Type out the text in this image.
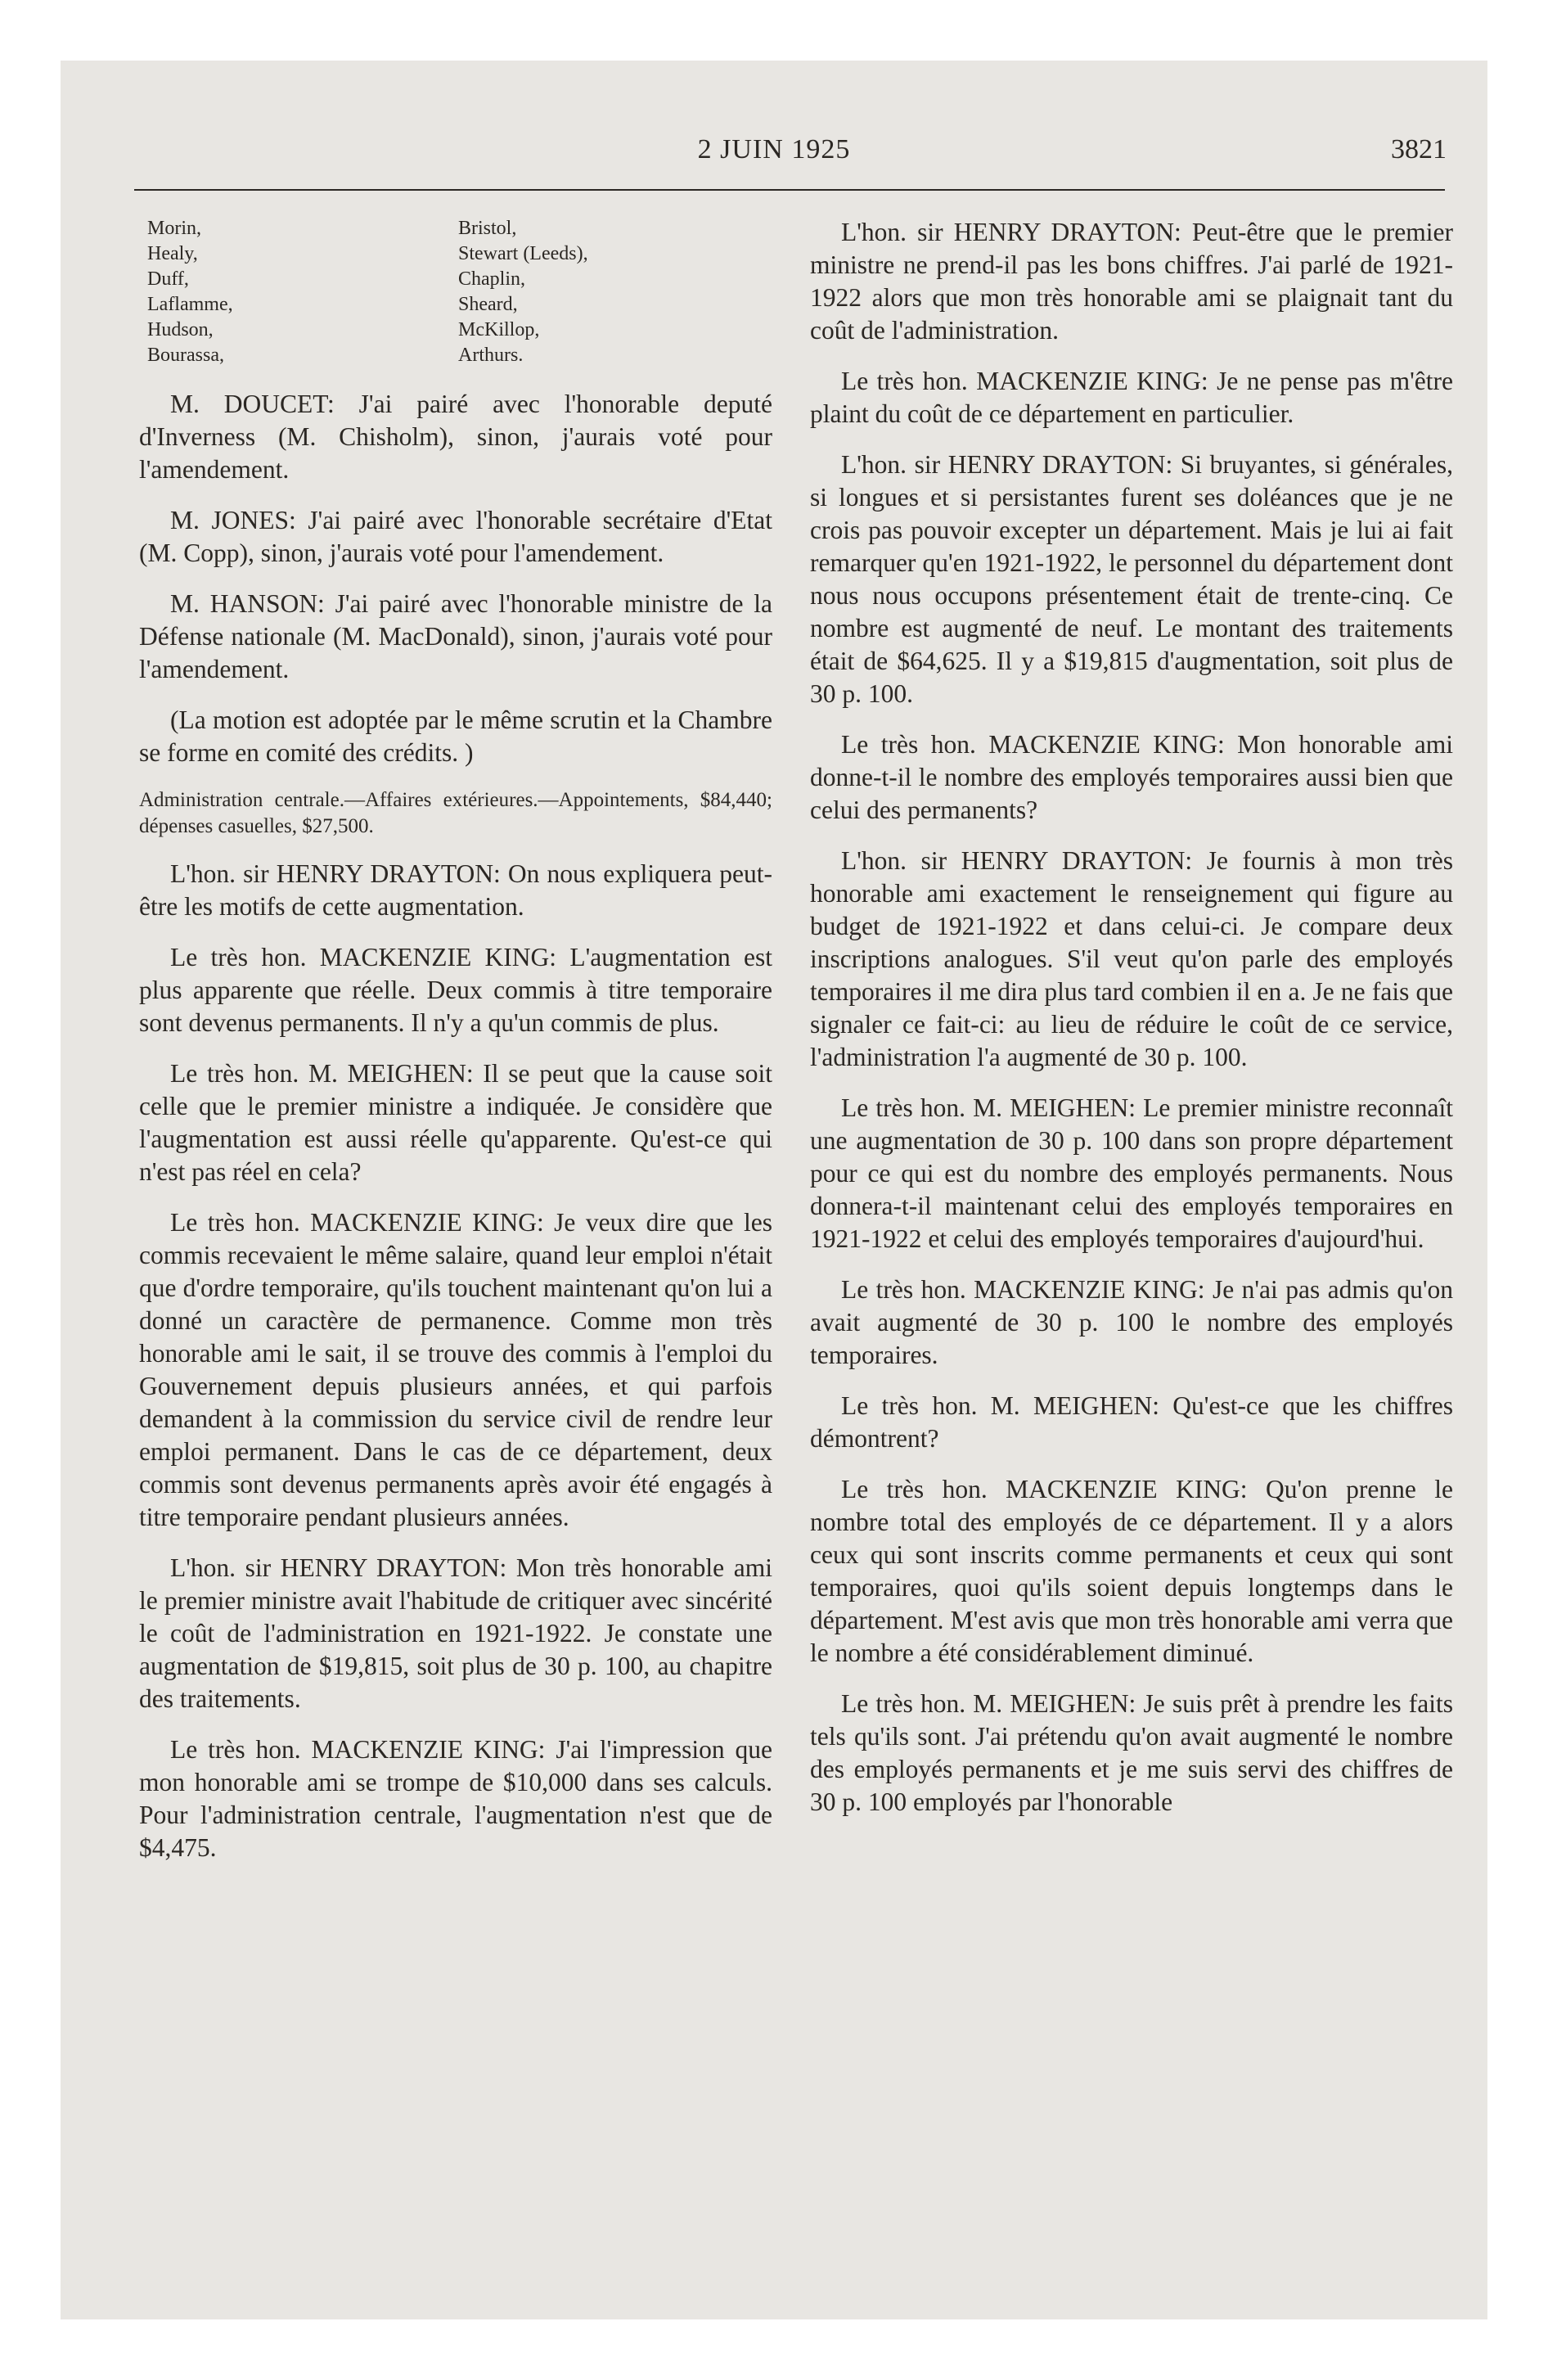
2 JUIN 1925	3821
Morin,
Healy,
Duff,
Laflamme,
Hudson,
Bourassa,
Bristol,
Stewart (Leeds),
Chaplin,
Sheard,
McKillop,
Arthurs.

M. DOUCET: J'ai pairé avec l'honorable deputé d'Inverness (M. Chisholm), sinon, j'aurais voté pour l'amendement.

M. JONES: J'ai pairé avec l'honorable secrétaire d'Etat (M. Copp), sinon, j'aurais voté pour l'amendement.

M. HANSON: J'ai pairé avec l'honorable ministre de la Défense nationale (M. MacDonald), sinon, j'aurais voté pour l'amendement.

(La motion est adoptée par le même scrutin et la Chambre se forme en comité des crédits. )

Administration centrale.—Affaires extérieures.—Appointements, $84,440; dépenses casuelles, $27,500.

L'hon. sir HENRY DRAYTON: On nous expliquera peut-être les motifs de cette augmentation.

Le très hon. MACKENZIE KING: L'augmentation est plus apparente que réelle. Deux commis à titre temporaire sont devenus permanents. Il n'y a qu'un commis de plus.

Le très hon. M. MEIGHEN: Il se peut que la cause soit celle que le premier ministre a indiquée. Je considère que l'augmentation est aussi réelle qu'apparente. Qu'est-ce qui n'est pas réel en cela?

Le très hon. MACKENZIE KING: Je veux dire que les commis recevaient le même salaire, quand leur emploi n'était que d'ordre temporaire, qu'ils touchent maintenant qu'on lui a donné un caractère de permanence. Comme mon très honorable ami le sait, il se trouve des commis à l'emploi du Gouvernement depuis plusieurs années, et qui parfois demandent à la commission du service civil de rendre leur emploi permanent. Dans le cas de ce département, deux commis sont devenus permanents après avoir été engagés à titre temporaire pendant plusieurs années.

L'hon. sir HENRY DRAYTON: Mon très honorable ami le premier ministre avait l'habitude de critiquer avec sincérité le coût de l'administration en 1921-1922. Je constate une augmentation de $19,815, soit plus de 30 p. 100, au chapitre des traitements.

Le très hon. MACKENZIE KING: J'ai l'impression que mon honorable ami se trompe de $10,000 dans ses calculs. Pour l'administration centrale, l'augmentation n'est que de $4,475.

L'hon. sir HENRY DRAYTON: Peut-être que le premier ministre ne prend-il pas les bons chiffres. J'ai parlé de 1921-1922 alors que mon très honorable ami se plaignait tant du coût de l'administration.

Le très hon. MACKENZIE KING: Je ne pense pas m'être plaint du coût de ce département en particulier.

L'hon. sir HENRY DRAYTON: Si bruyantes, si générales, si longues et si persistantes furent ses doléances que je ne crois pas pouvoir excepter un département. Mais je lui ai fait remarquer qu'en 1921-1922, le personnel du département dont nous nous occupons présentement était de trente-cinq. Ce nombre est augmenté de neuf. Le montant des traitements était de $64,625. Il y a $19,815 d'augmentation, soit plus de 30 p. 100.

Le très hon. MACKENZIE KING: Mon honorable ami donne-t-il le nombre des employés temporaires aussi bien que celui des permanents?

L'hon. sir HENRY DRAYTON: Je fournis à mon très honorable ami exactement le renseignement qui figure au budget de 1921-1922 et dans celui-ci. Je compare deux inscriptions analogues. S'il veut qu'on parle des employés temporaires il me dira plus tard combien il en a. Je ne fais que signaler ce fait-ci: au lieu de réduire le coût de ce service, l'administration l'a augmenté de 30 p. 100.

Le très hon. M. MEIGHEN: Le premier ministre reconnaît une augmentation de 30 p. 100 dans son propre département pour ce qui est du nombre des employés permanents. Nous donnera-t-il maintenant celui des employés temporaires en 1921-1922 et celui des employés temporaires d'aujourd'hui.

Le très hon. MACKENZIE KING: Je n'ai pas admis qu'on avait augmenté de 30 p. 100 le nombre des employés temporaires.

Le très hon. M. MEIGHEN: Qu'est-ce que les chiffres démontrent?

Le très hon. MACKENZIE KING: Qu'on prenne le nombre total des employés de ce département. Il y a alors ceux qui sont inscrits comme permanents et ceux qui sont temporaires, quoi qu'ils soient depuis longtemps dans le département. M'est avis que mon très honorable ami verra que le nombre a été considérablement diminué.

Le très hon. M. MEIGHEN: Je suis prêt à prendre les faits tels qu'ils sont. J'ai prétendu qu'on avait augmenté le nombre des employés permanents et je me suis servi des chiffres de 30 p. 100 employés par l'honorable
